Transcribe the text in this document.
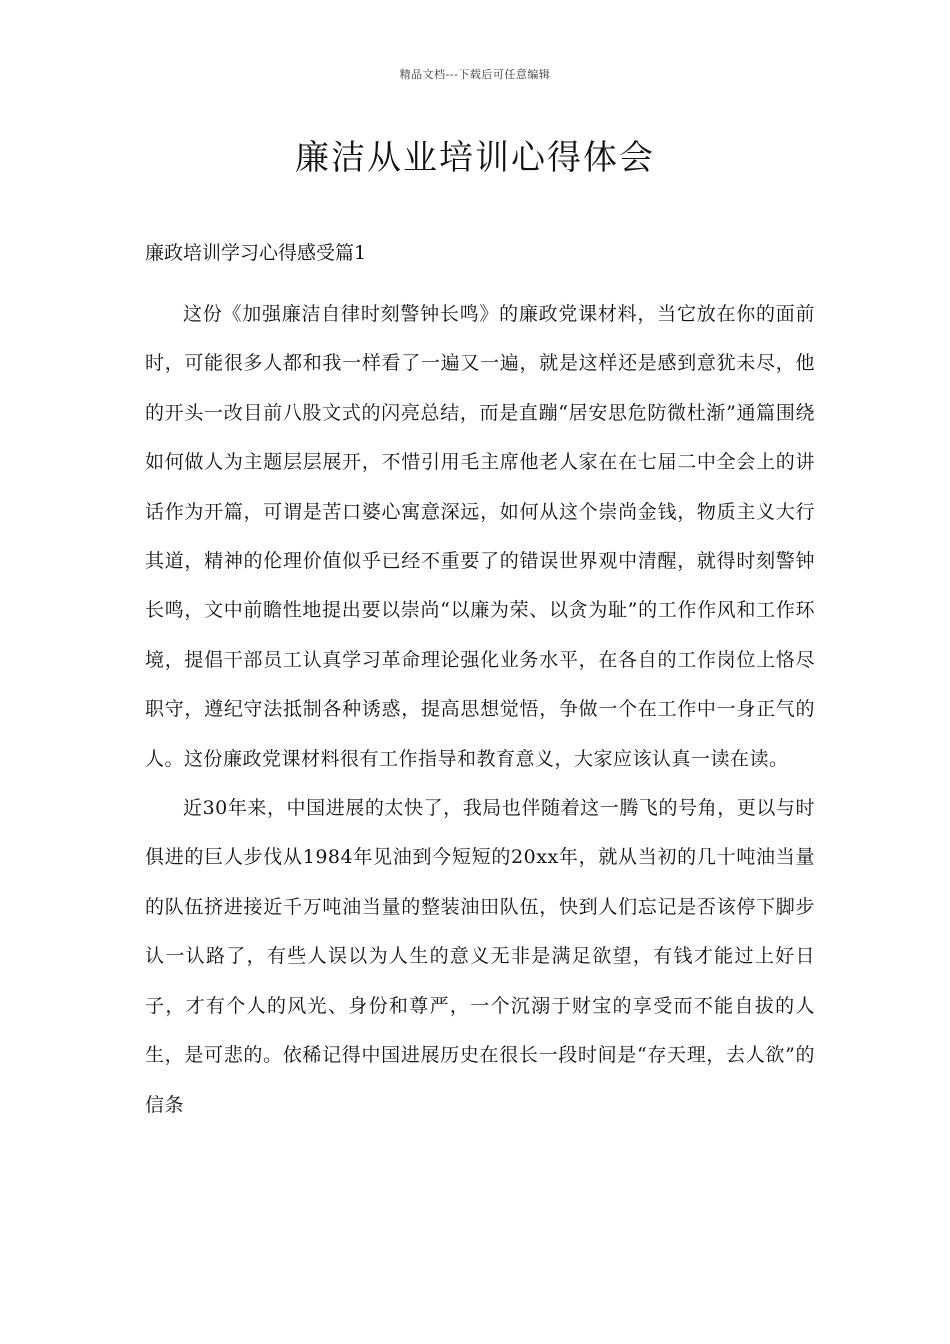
精品文档---下载后可任意编辑
廉洁从业培训心得体会

廉政培训学习心得感受篇1

这份《加强廉洁自律时刻警钟长鸣》的廉政党课材料，当它放在你的面前时，可能很多人都和我一样看了一遍又一遍，就是这样还是感到意犹未尽，他的开头一改目前八股文式的闪亮总结，而是直蹦“居安思危防微杜渐”通篇围绕如何做人为主题层层展开，不惜引用毛主席他老人家在在七届二中全会上的讲话作为开篇，可谓是苦口婆心寓意深远，如何从这个崇尚金钱，物质主义大行其道，精神的伦理价值似乎已经不重要了的错误世界观中清醒，就得时刻警钟长鸣，文中前瞻性地提出要以崇尚“以廉为荣、以贪为耻”的工作作风和工作环境，提倡干部员工认真学习革命理论强化业务水平，在各自的工作岗位上恪尽职守，遵纪守法抵制各种诱惑，提高思想觉悟，争做一个在工作中一身正气的人。这份廉政党课材料很有工作指导和教育意义，大家应该认真一读在读。

近30年来，中国进展的太快了，我局也伴随着这一腾飞的号角，更以与时俱进的巨人步伐从1984年见油到今短短的20xx年，就从当初的几十吨油当量的队伍挤进接近千万吨油当量的整装油田队伍，快到人们忘记是否该停下脚步认一认路了，有些人误以为人生的意义无非是满足欲望，有钱才能过上好日子，才有个人的风光、身份和尊严，一个沉溺于财宝的享受而不能自拔的人生，是可悲的。依稀记得中国进展历史在很长一段时间是“存天理，去人欲”的信条
